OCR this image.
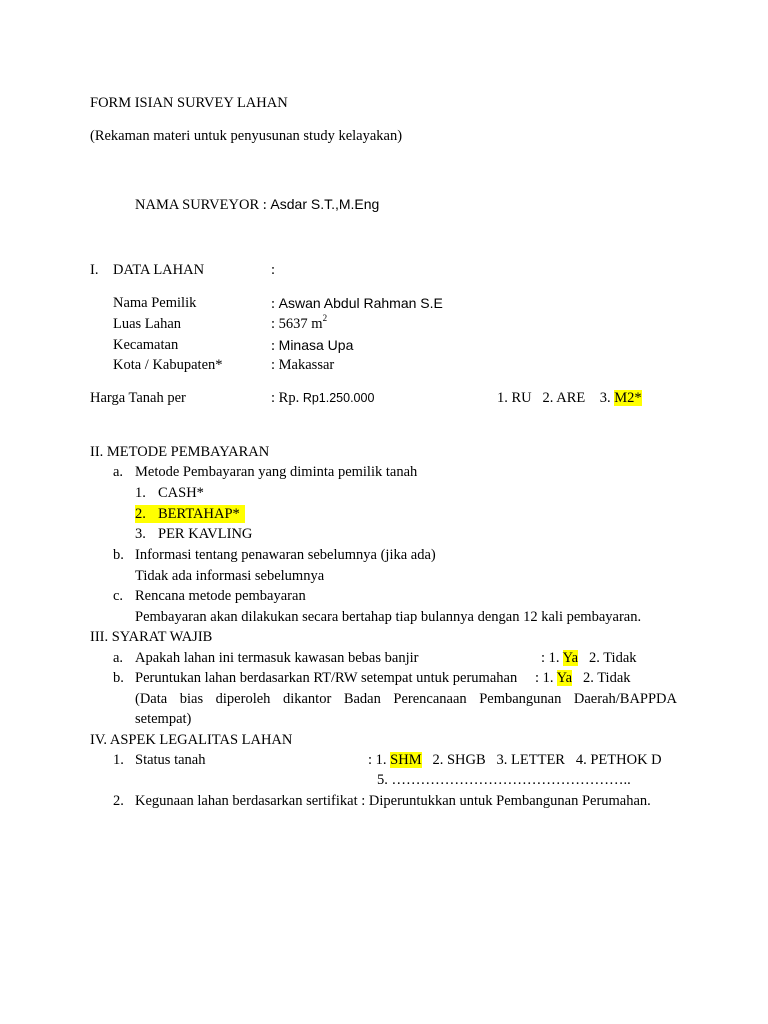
FORM ISIAN SURVEY LAHAN
(Rekaman materi untuk penyusunan study kelayakan)
NAMA SURVEYOR : Asdar S.T.,M.Eng
I. DATA LAHAN	:
Nama Pemilik	: Aswan Abdul Rahman S.E
Luas Lahan	: 5637 $m^2$
Kecamatan	: Minasa Upa
Kota / Kabupaten*	: Makassar
Harga Tanah per	: Rp. Rp1.250.000	1. RU 2. ARE 3. M2*
II. METODE PEMBAYARAN
a. Metode Pembayaran yang diminta pemilik tanah
1. CASH*
2. BERTAHAP*
3. PER KAVLING
b. Informasi tentang penawaran sebelumnya (jika ada)
Tidak ada informasi sebelumnya
c. Rencana metode pembayaran
Pembayaran akan dilakukan secara bertahap tiap bulannya dengan 12 kali pembayaran.
III. SYARAT WAJIB
a. Apakah lahan ini termasuk kawasan bebas banjir	: 1. Ya 2. Tidak
b. Peruntukan lahan berdasarkan RT/RW setempat untuk perumahan : 1. Ya 2. Tidak
(Data bias diperoleh dikantor Badan Perencanaan Pembangunan Daerah/BAPPDA
setempat)
IV. ASPEK LEGALITAS LAHAN
1. Status tanah	: 1. SHM 2. SHGB   3. LETTER   4. PETHOK D
5. …………………………………………..
2. Kegunaan lahan berdasarkan sertifikat : Diperuntukkan untuk Pembangunan Perumahan.
